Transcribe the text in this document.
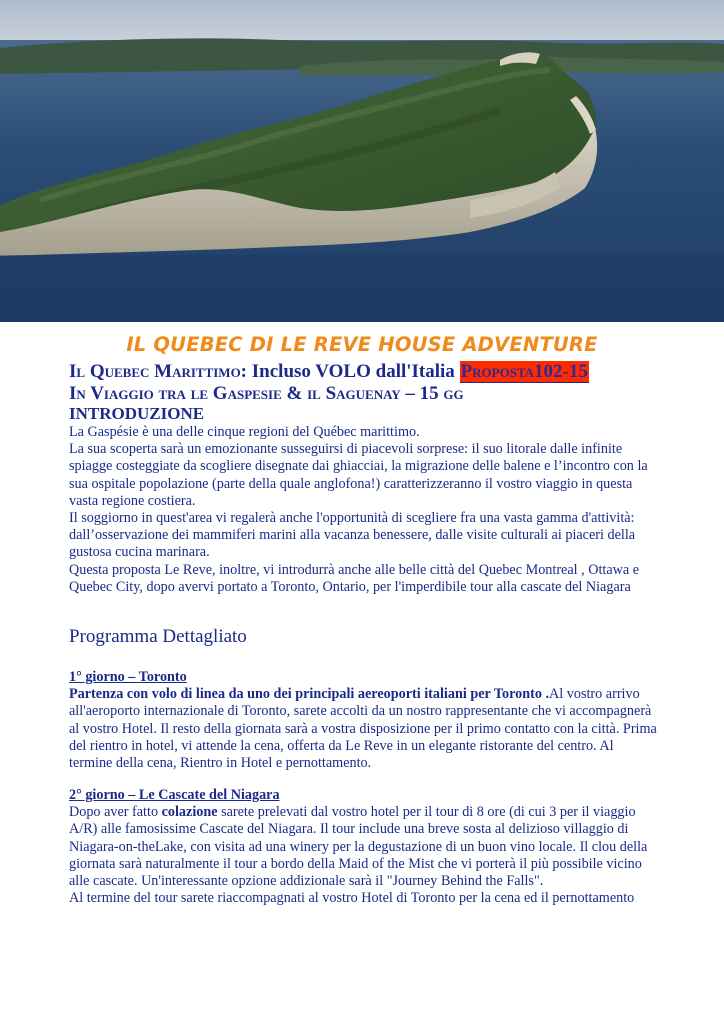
IL QUEBEC DI LE REVE HOUSE ADVENTURE
Il Quebec Marittimo: Incluso VOLO dall'Italia Proposta102-15
In Viaggio tra le Gaspesie & il Saguenay – 15 gg
INTRODUZIONE

La Gaspésie è una delle cinque regioni del Québec marittimo.

La sua scoperta sarà un emozionante susseguirsi di piacevoli sorprese: il suo litorale dalle infinite spiagge costeggiate da scogliere disegnate dai ghiacciai, la migrazione delle balene e l’incontro con la sua ospitale popolazione (parte della quale anglofona!) caratterizzeranno il vostro viaggio in questa vasta regione costiera.

Il soggiorno in quest'area vi regalerà anche l'opportunità di scegliere fra una vasta gamma d'attività: dall’osservazione dei mammiferi marini alla vacanza benessere, dalle visite culturali ai piaceri della gustosa cucina marinara.

Questa proposta Le Reve, inoltre, vi introdurrà anche alle belle città del Quebec Montreal , Ottawa e Quebec City, dopo avervi portato a Toronto, Ontario, per l'imperdibile tour alla cascate del Niagara

Programma Dettagliato

1° giorno – Toronto

Partenza con volo di linea da uno dei principali aereoporti italiani per Toronto .Al vostro arrivo all'aeroporto internazionale di Toronto, sarete accolti da un nostro rappresentante che vi accompagnerà al vostro Hotel. Il resto della giornata sarà a vostra disposizione per il primo contatto con la città. Prima del rientro in hotel, vi attende la cena, offerta da Le Reve in un elegante ristorante del centro. Al termine della cena, Rientro in Hotel e pernottamento.

2° giorno – Le Cascate del Niagara

Dopo aver fatto colazione sarete prelevati dal vostro hotel per il tour di 8 ore (di cui 3 per il viaggio A/R) alle famosissime Cascate del Niagara. Il tour include una breve sosta al delizioso villaggio di Niagara-on-theLake, con visita ad una winery per la degustazione di un buon vino locale. Il clou della giornata sarà naturalmente il tour a bordo della Maid of the Mist che vi porterà il più possibile vicino alle cascate. Un'interessante opzione addizionale sarà il "Journey Behind the Falls".

Al termine del tour sarete riaccompagnati al vostro Hotel di Toronto per la cena ed il pernottamento
